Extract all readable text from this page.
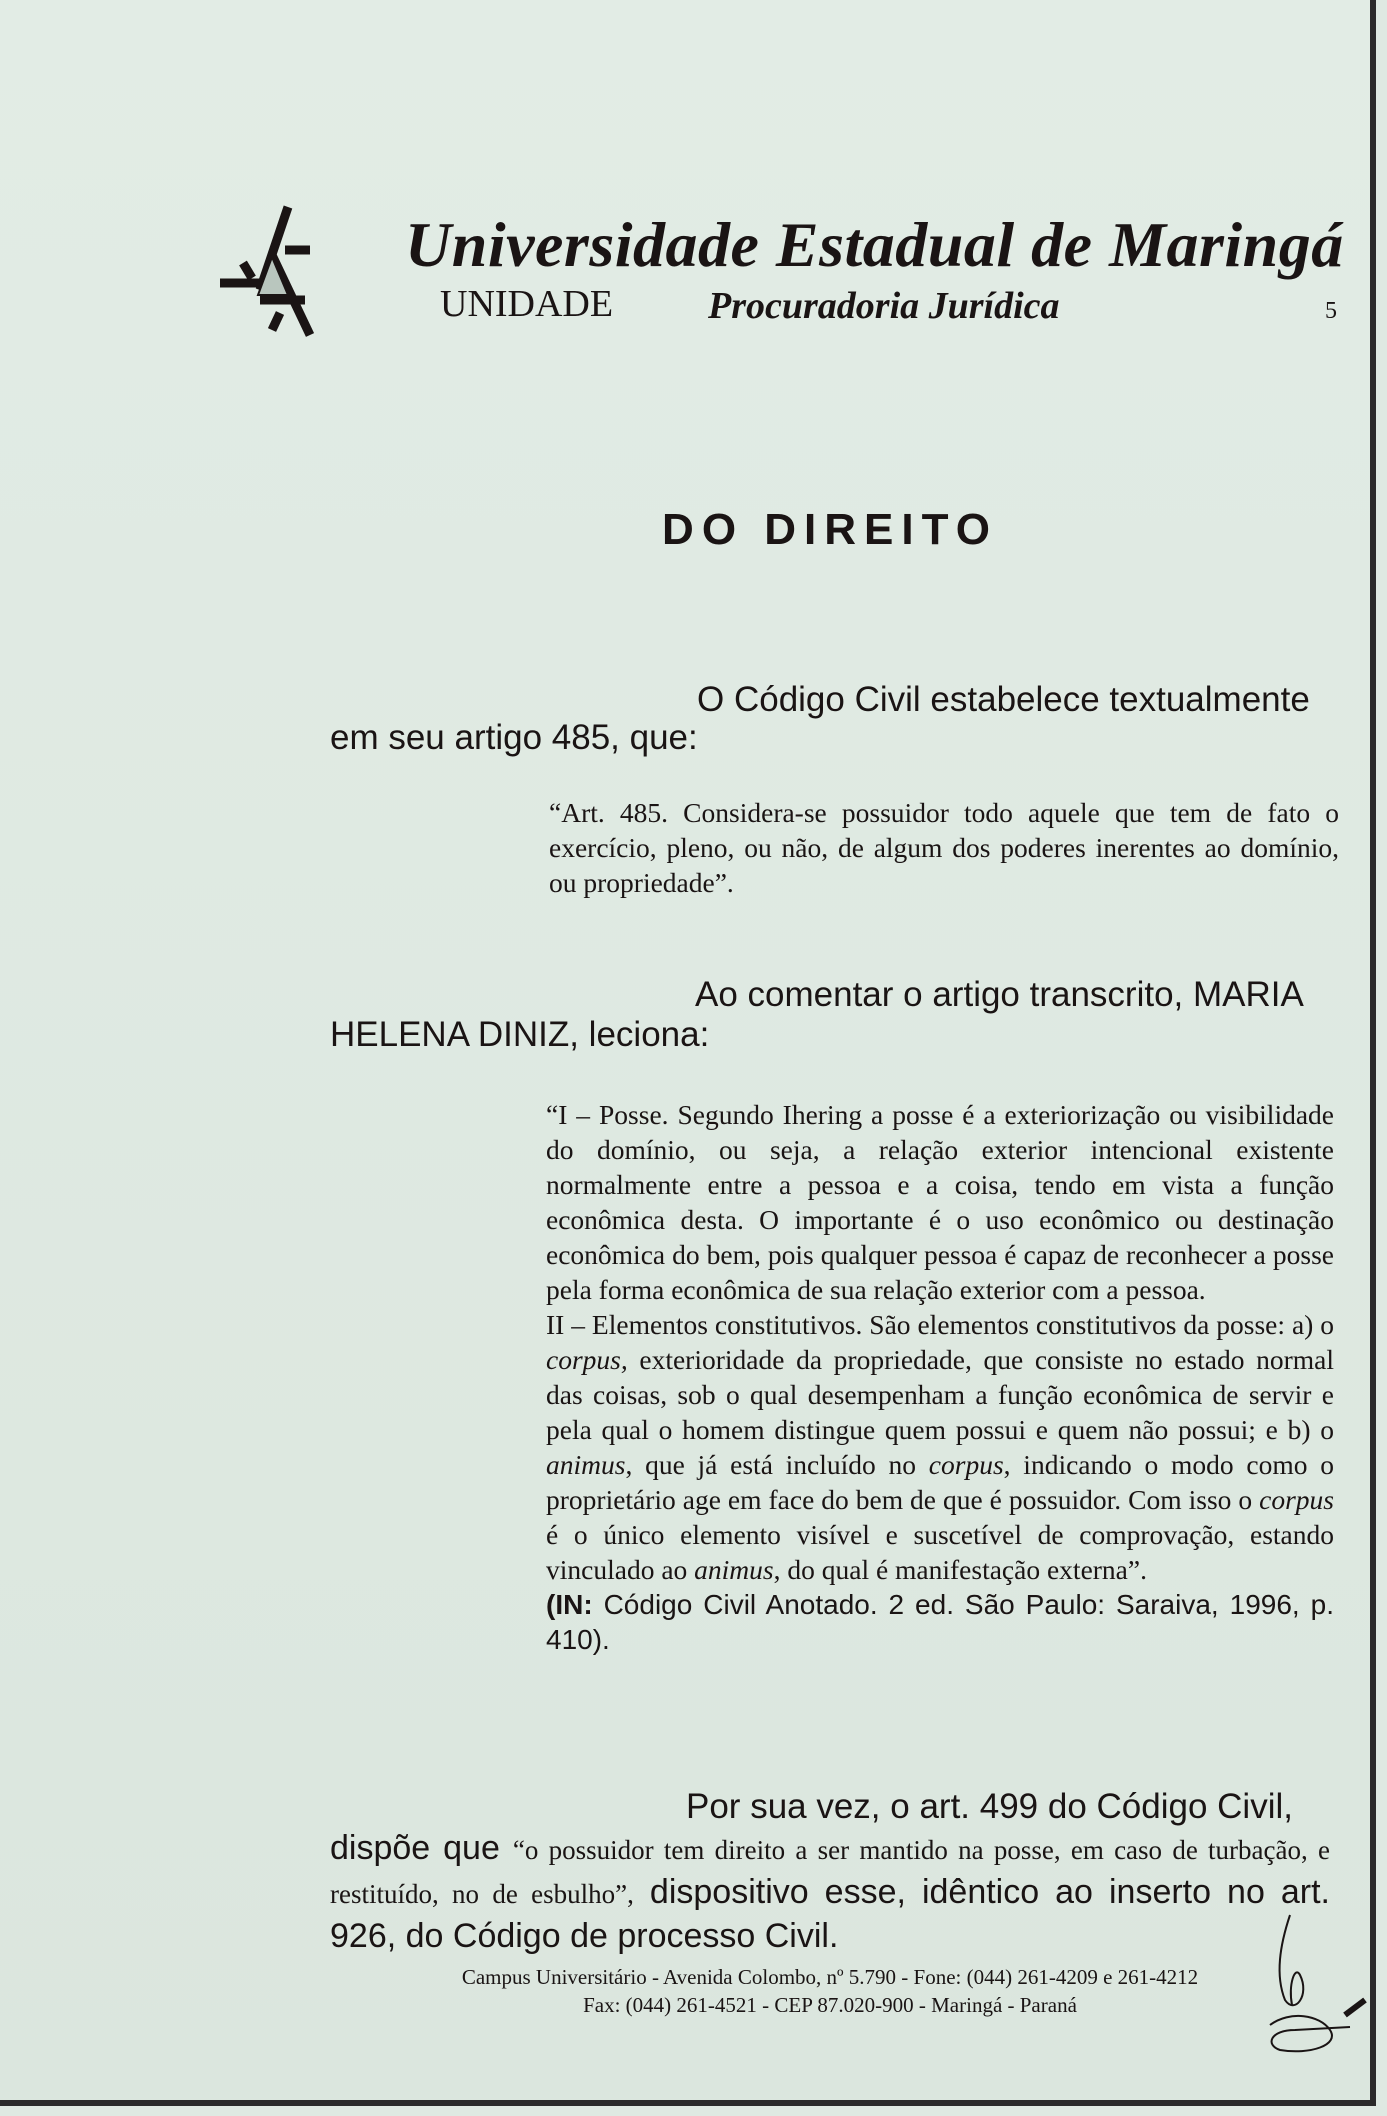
Universidade Estadual de Maringá
UNIDADE Procuradoria Jurídica	5
DO DIREITO
O Código Civil estabelece textualmente
em seu artigo 485, que:
“Art. 485. Considera-se possuidor todo aquele que tem de fato o exercício, pleno, ou não, de algum dos poderes inerentes ao domínio, ou propriedade”.
Ao comentar o artigo transcrito, MARIA
HELENA DINIZ, leciona:
“I – Posse. Segundo Ihering a posse é a exteriorização ou visibilidade do domínio, ou seja, a relação exterior intencional existente normalmente entre a pessoa e a coisa, tendo em vista a função econômica desta. O importante é o uso econômico ou destinação econômica do bem, pois qualquer pessoa é capaz de reconhecer a posse pela forma econômica de sua relação exterior com a pessoa.
II – Elementos constitutivos. São elementos constitutivos da posse: a) o corpus, exterioridade da propriedade, que consiste no estado normal das coisas, sob o qual desempenham a função econômica de servir e pela qual o homem distingue quem possui e quem não possui; e b) o animus, que já está incluído no corpus, indicando o modo como o proprietário age em face do bem de que é possuidor. Com isso o corpus é o único elemento visível e suscetível de comprovação, estando vinculado ao animus, do qual é manifestação externa”.
(IN: Código Civil Anotado. 2 ed. São Paulo: Saraiva, 1996, p. 410).
Por sua vez, o art. 499 do Código Civil,
dispõe que “o possuidor tem direito a ser mantido na posse, em caso de turbação, e restituído, no de esbulho”, dispositivo esse, idêntico ao inserto no art. 926, do Código de processo Civil.
Campus Universitário - Avenida Colombo, nº 5.790 - Fone: (044) 261-4209 e 261-4212
Fax: (044) 261-4521 - CEP 87.020-900 - Maringá - Paraná
